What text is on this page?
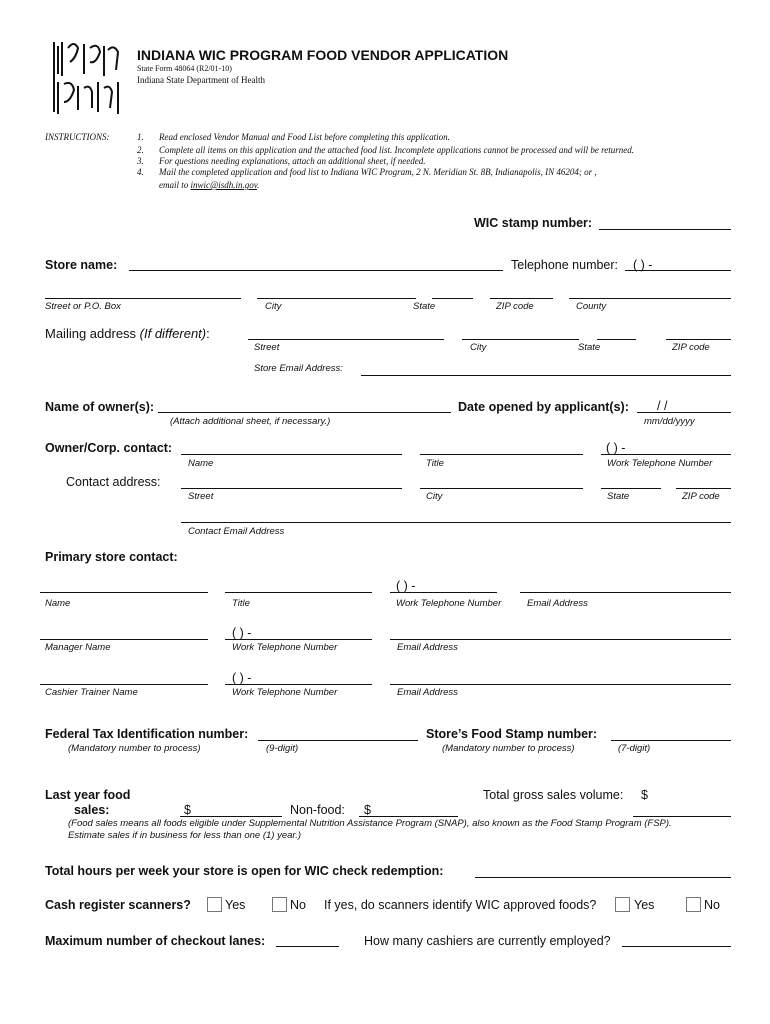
INDIANA WIC PROGRAM FOOD VENDOR APPLICATION
State Form 48064 (R2/01-10)
Indiana State Department of Health
INSTRUCTIONS:	1. Read enclosed Vendor Manual and Food List before completing this application.
2. Complete all items on this application and the attached food list. Incomplete applications cannot be processed and will be returned.
3. For questions needing explanations, attach an additional sheet, if needed.
4. Mail the completed application and food list to Indiana WIC Program, 2 N. Meridian St. 8B, Indianapolis, IN 46204; or ,
email to inwic@isdh.in.gov.
WIC stamp number:
Store name:	Telephone number: ( ) -
Street or P.O. Box	City	State	ZIP code	County
Mailing address (If different):
Street	City	State	ZIP code
Store Email Address:
Name of owner(s):
(Attach additional sheet, if necessary.)
Date opened by applicant(s): / /
mm/dd/yyyy
Owner/Corp. contact:	( ) -
Name	Title	Work Telephone Number
Contact address:
Street	City	State	ZIP code
Contact Email Address
Primary store contact:
( ) -
Name	Title	Work Telephone Number	Email Address
( ) -
Manager Name	Work Telephone Number	Email Address
( ) -
Cashier Trainer Name	Work Telephone Number	Email Address
Federal Tax Identification number:
(Mandatory number to process)	(9-digit)
Store’s Food Stamp number:
(Mandatory number to process)	(7-digit)
Last year food
sales:	$	Non-food: $
Total gross sales volume: $
(Food sales means all foods eligible under Supplemental Nutrition Assistance Program (SNAP), also known as the Food Stamp Program (FSP).
Estimate sales if in business for less than one (1) year.)
Total hours per week your store is open for WIC check redemption:
Cash register scanners?	Yes	No If yes, do scanners identify WIC approved foods?	Yes	No
Maximum number of checkout lanes:	How many cashiers are currently employed?
